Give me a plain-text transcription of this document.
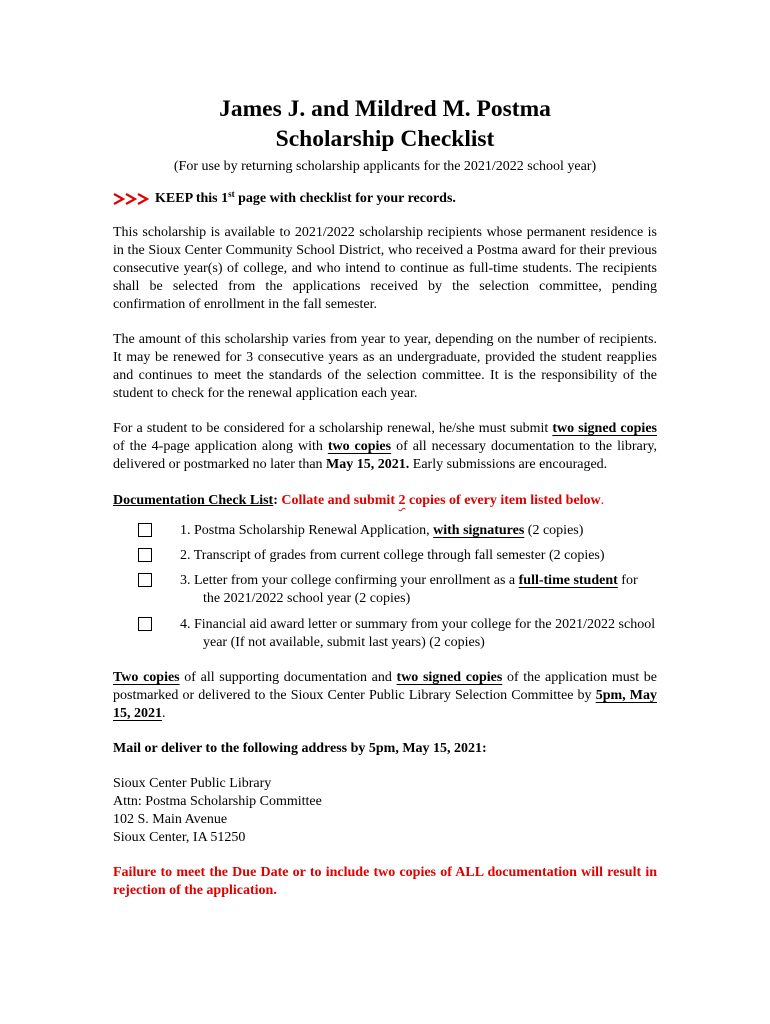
James J. and Mildred M. Postma
Scholarship Checklist
(For use by returning scholarship applicants for the 2021/2022 school year)
KEEP this 1st page with checklist for your records.

This scholarship is available to 2021/2022 scholarship recipients whose permanent residence is in the Sioux Center Community School District, who received a Postma award for their previous consecutive year(s) of college, and who intend to continue as full-time students. The recipients shall be selected from the applications received by the selection committee, pending confirmation of enrollment in the fall semester.

The amount of this scholarship varies from year to year, depending on the number of recipients. It may be renewed for 3 consecutive years as an undergraduate, provided the student reapplies and continues to meet the standards of the selection committee. It is the responsibility of the student to check for the renewal application each year.

For a student to be considered for a scholarship renewal, he/she must submit two signed copies of the 4-page application along with two copies of all necessary documentation to the library, delivered or postmarked no later than May 15, 2021. Early submissions are encouraged.

Documentation Check List: Collate and submit 2 copies of every item listed below.
1. Postma Scholarship Renewal Application, with signatures (2 copies)
2. Transcript of grades from current college through fall semester (2 copies)
3. Letter from your college confirming your enrollment as a full-time student for the 2021/2022 school year (2 copies)
4. Financial aid award letter or summary from your college for the 2021/2022 school year (If not available, submit last years) (2 copies)

Two copies of all supporting documentation and two signed copies of the application must be postmarked or delivered to the Sioux Center Public Library Selection Committee by 5pm, May 15, 2021.

Mail or deliver to the following address by 5pm, May 15, 2021:

Sioux Center Public Library

Attn: Postma Scholarship Committee

102 S. Main Avenue

Sioux Center, IA 51250

Failure to meet the Due Date or to include two copies of ALL documentation will result in rejection of the application.
